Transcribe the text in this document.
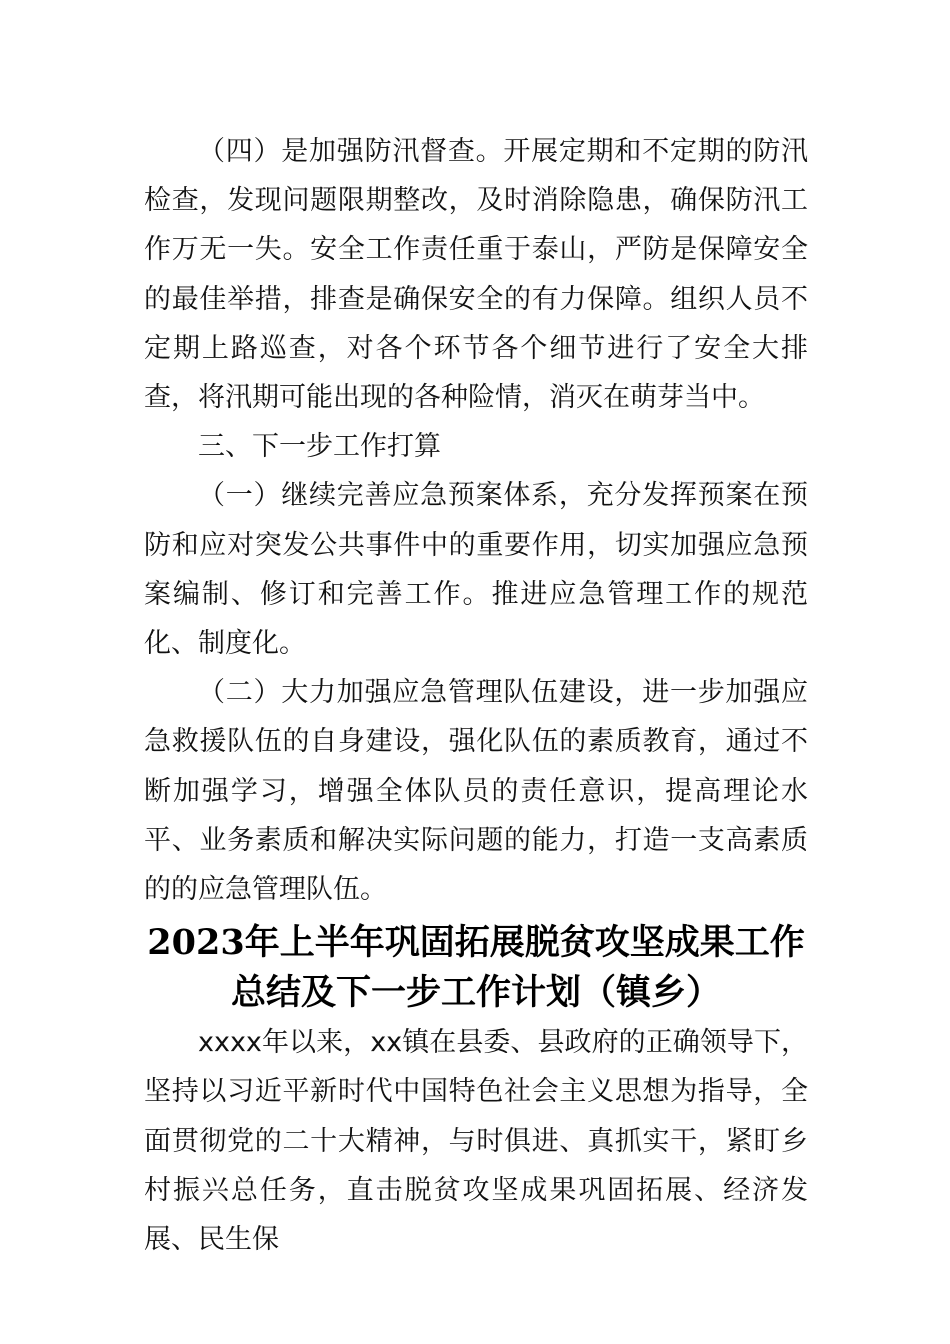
（四）是加强防汛督查。开展定期和不定期的防汛检查，发现问题限期整改，及时消除隐患，确保防汛工作万无一失。安全工作责任重于泰山，严防是保障安全的最佳举措，排查是确保安全的有力保障。组织人员不定期上路巡查，对各个环节各个细节进行了安全大排查，将汛期可能出现的各种险情，消灭在萌芽当中。

三、下一步工作打算

（一）继续完善应急预案体系，充分发挥预案在预防和应对突发公共事件中的重要作用，切实加强应急预案编制、修订和完善工作。推进应急管理工作的规范化、制度化。

（二）大力加强应急管理队伍建设，进一步加强应急救援队伍的自身建设，强化队伍的素质教育，通过不断加强学习，增强全体队员的责任意识，提高理论水平、业务素质和解决实际问题的能力，打造一支高素质的的应急管理队伍。

2023年上半年巩固拓展脱贫攻坚成果工作
总结及下一步工作计划（镇乡）

xxxx年以来，xx镇在县委、县政府的正确领导下，坚持以习近平新时代中国特色社会主义思想为指导，全面贯彻党的二十大精神，与时俱进、真抓实干，紧盯乡村振兴总任务，直击脱贫攻坚成果巩固拓展、经济发展、民生保
